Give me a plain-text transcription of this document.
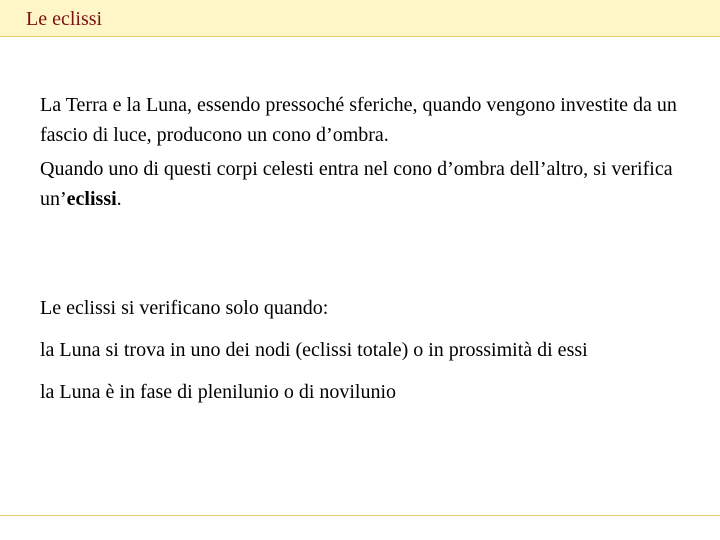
Le eclissi

La Terra e la Luna, essendo pressoché sferiche, quando vengono investite da un fascio di luce, producono un cono d’ombra.

Quando uno di questi corpi celesti entra nel cono d’ombra dell’altro, si verifica un’eclissi.

Le eclissi si verificano solo quando:

la Luna si trova in uno dei nodi (eclissi totale) o in prossimità di essi

la Luna è in fase di plenilunio o di novilunio
